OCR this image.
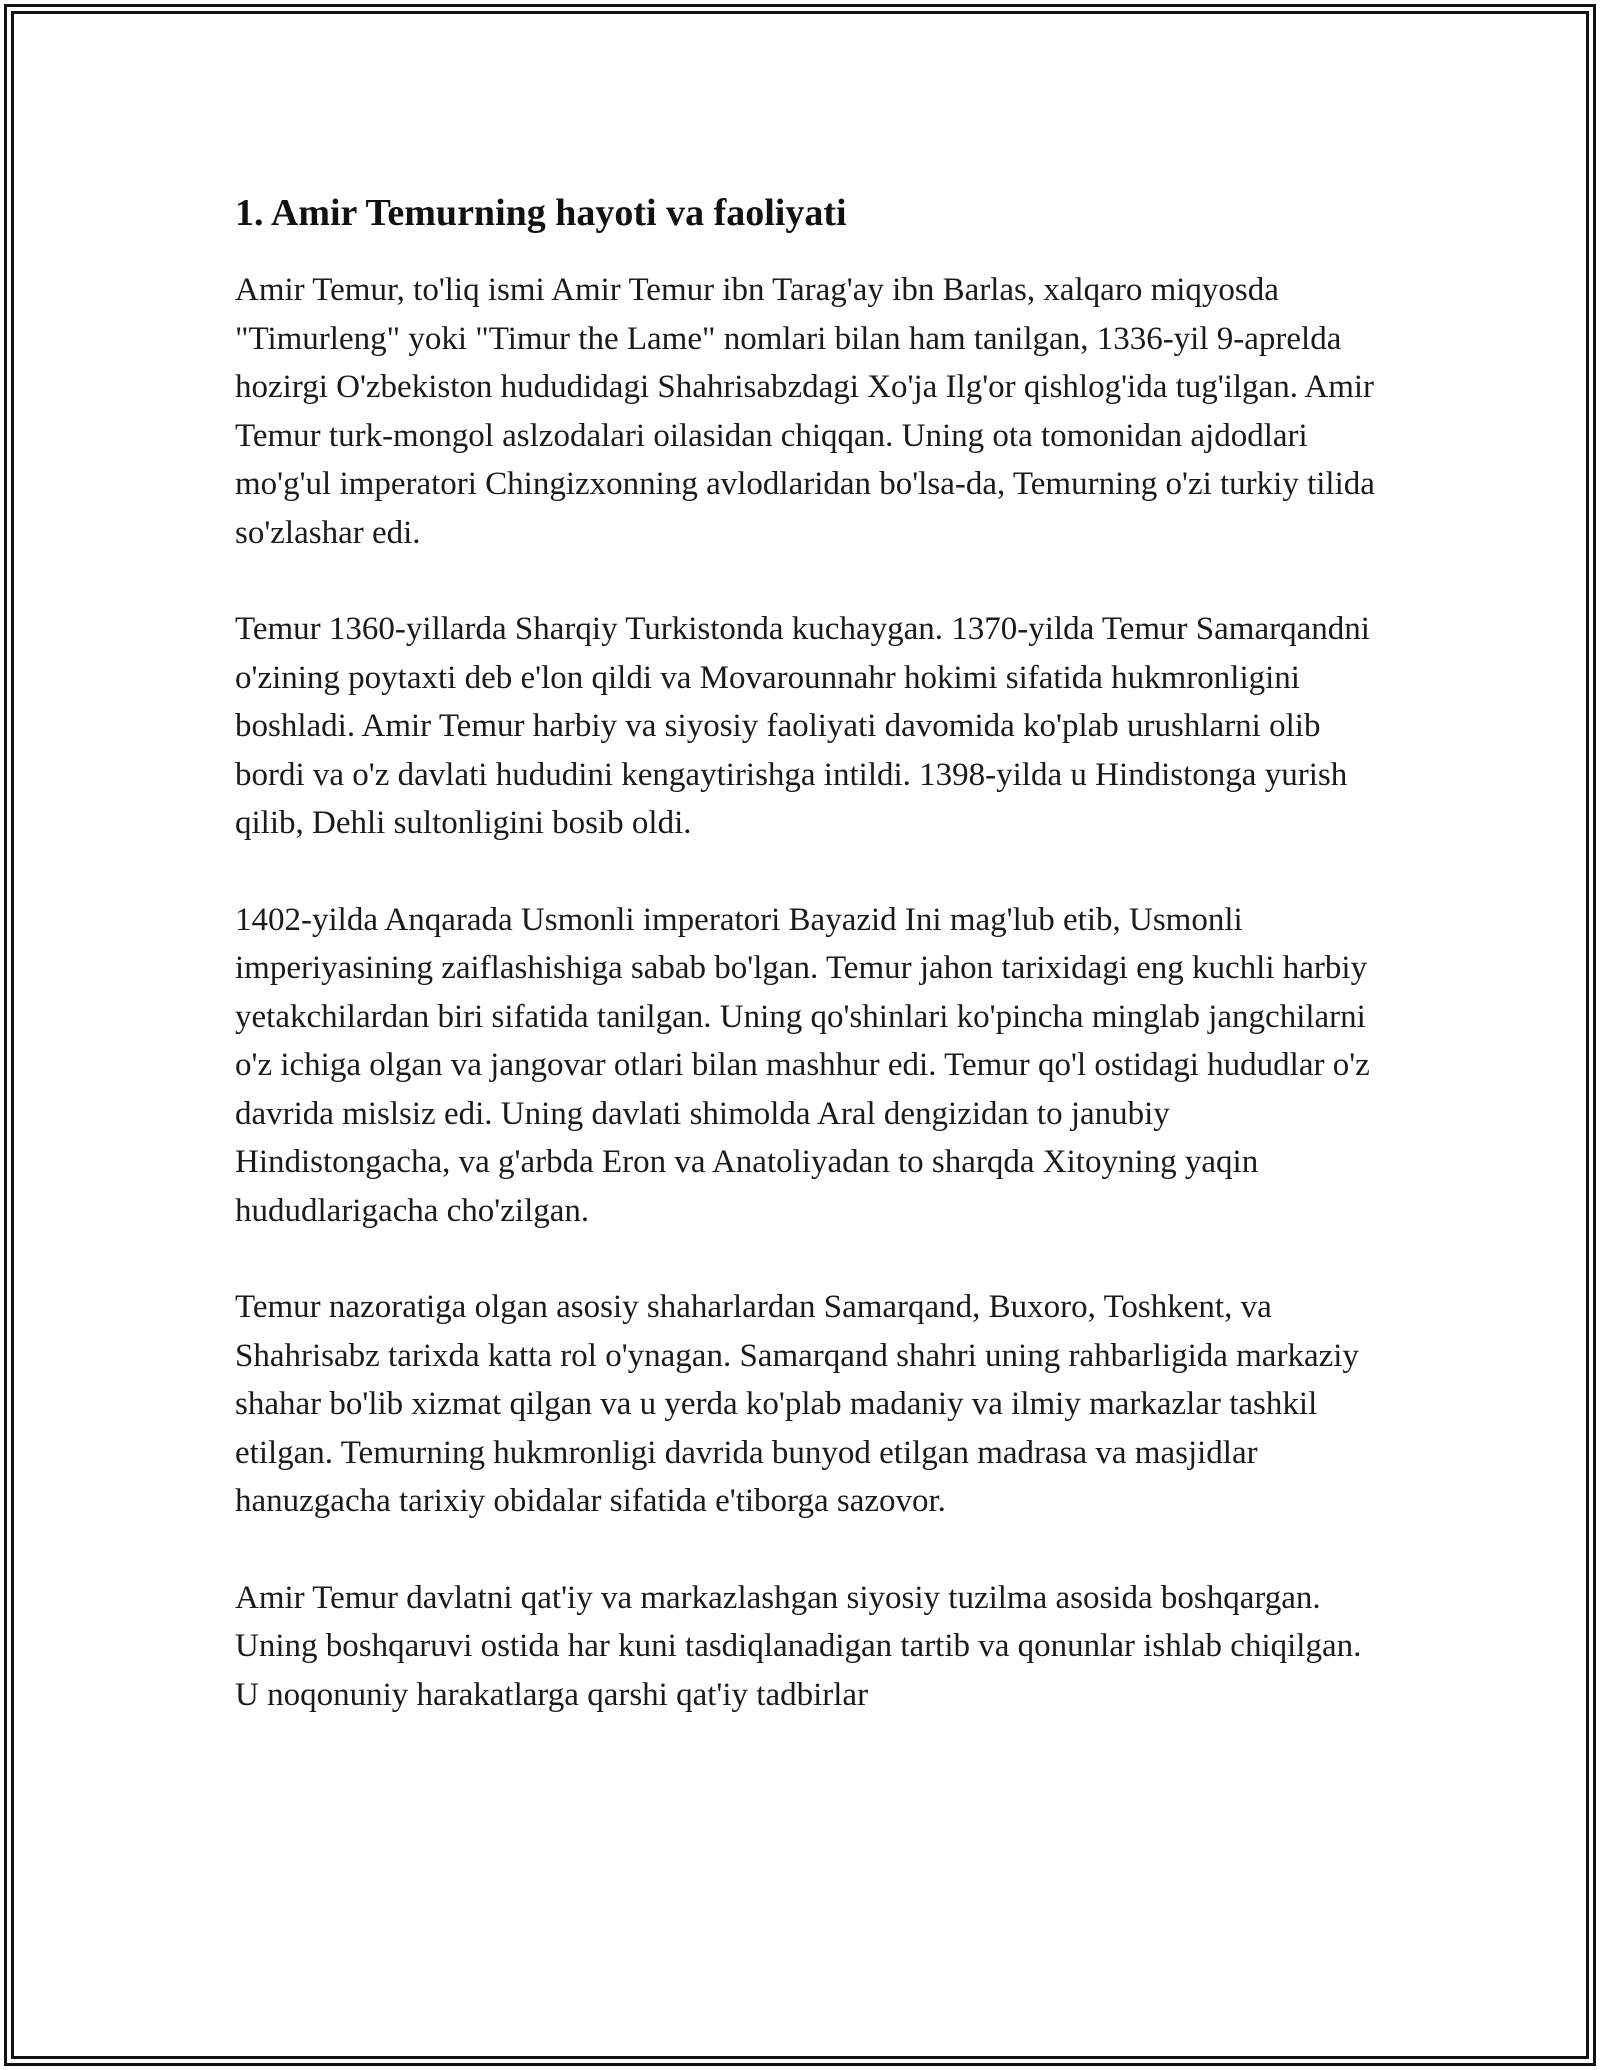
1. Amir Temurning hayoti va faoliyati

Amir Temur, to'liq ismi Amir Temur ibn Tarag'ay ibn Barlas, xalqaro miqyosda "Timurleng" yoki "Timur the Lame" nomlari bilan ham tanilgan, 1336-yil 9-aprelda hozirgi O'zbekiston hududidagi Shahrisabzdagi Xo'ja Ilg'or qishlog'ida tug'ilgan. Amir Temur turk-mongol aslzodalari oilasidan chiqqan. Uning ota tomonidan ajdodlari mo'g'ul imperatori Chingizxonning avlodlaridan bo'lsa-da, Temurning o'zi turkiy tilida so'zlashar edi.

Temur 1360-yillarda Sharqiy Turkistonda kuchaygan. 1370-yilda Temur Samarqandni o'zining poytaxti deb e'lon qildi va Movarounnahr hokimi sifatida hukmronligini boshladi. Amir Temur harbiy va siyosiy faoliyati davomida ko'plab urushlarni olib bordi va o'z davlati hududini kengaytirishga intildi. 1398-yilda u Hindistonga yurish qilib, Dehli sultonligini bosib oldi.

1402-yilda Anqarada Usmonli imperatori Bayazid Ini mag'lub etib, Usmonli imperiyasining zaiflashishiga sabab bo'lgan. Temur jahon tarixidagi eng kuchli harbiy yetakchilardan biri sifatida tanilgan. Uning qo'shinlari ko'pincha minglab jangchilarni o'z ichiga olgan va jangovar otlari bilan mashhur edi. Temur qo'l ostidagi hududlar o'z davrida mislsiz edi. Uning davlati shimolda Aral dengizidan to janubiy Hindistongacha, va g'arbda Eron va Anatoliyadan to sharqda Xitoyning yaqin hududlarigacha cho'zilgan.

Temur nazoratiga olgan asosiy shaharlardan Samarqand, Buxoro, Toshkent, va Shahrisabz tarixda katta rol o'ynagan. Samarqand shahri uning rahbarligida markaziy shahar bo'lib xizmat qilgan va u yerda ko'plab madaniy va ilmiy markazlar tashkil etilgan. Temurning hukmronligi davrida bunyod etilgan madrasa va masjidlar hanuzgacha tarixiy obidalar sifatida e'tiborga sazovor.

Amir Temur davlatni qat'iy va markazlashgan siyosiy tuzilma asosida boshqargan. Uning boshqaruvi ostida har kuni tasdiqlanadigan tartib va qonunlar ishlab chiqilgan. U noqonuniy harakatlarga qarshi qat'iy tadbirlar
